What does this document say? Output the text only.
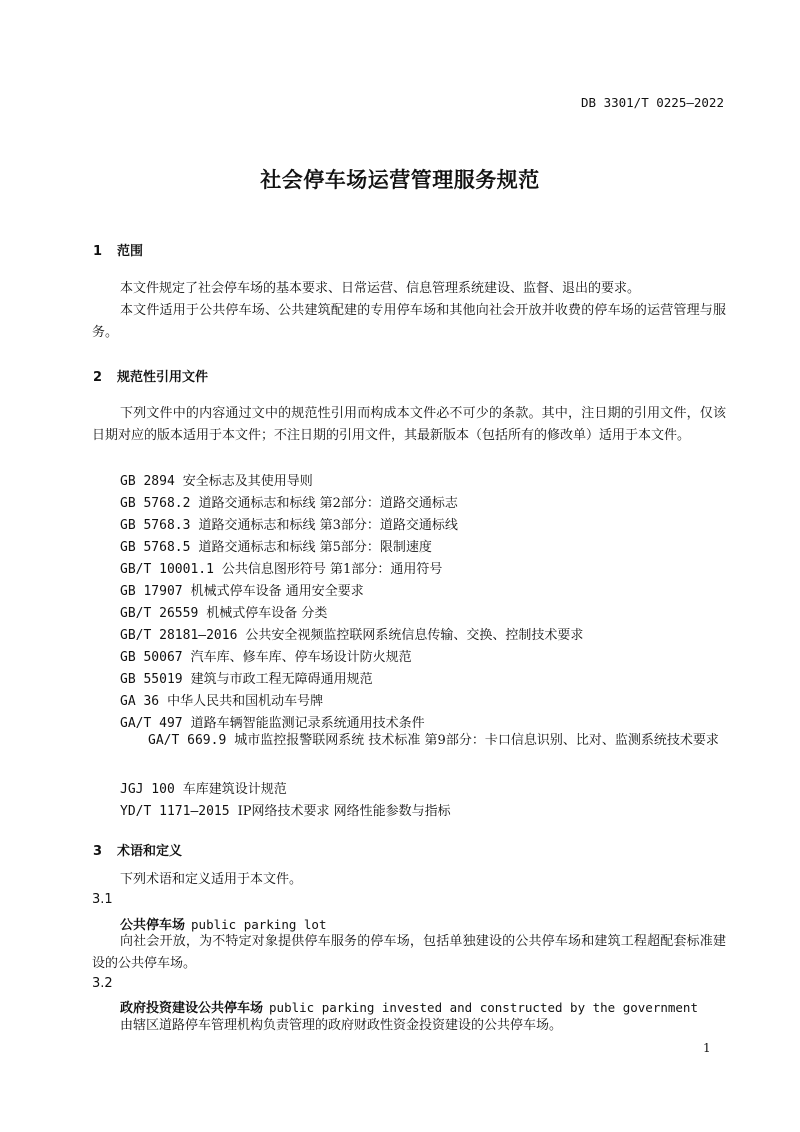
DB 3301/T 0225—2022
社会停车场运营管理服务规范
1 范围
本文件规定了社会停车场的基本要求、日常运营、信息管理系统建设、监督、退出的要求。
本文件适用于公共停车场、公共建筑配建的专用停车场和其他向社会开放并收费的停车场的运营管理与服务。
2 规范性引用文件
下列文件中的内容通过文中的规范性引用而构成本文件必不可少的条款。其中，注日期的引用文件，仅该日期对应的版本适用于本文件；不注日期的引用文件，其最新版本（包括所有的修改单）适用于本文件。
GB 2894 安全标志及其使用导则
GB 5768.2 道路交通标志和标线 第2部分：道路交通标志
GB 5768.3 道路交通标志和标线 第3部分：道路交通标线
GB 5768.5 道路交通标志和标线 第5部分：限制速度
GB/T 10001.1 公共信息图形符号 第1部分：通用符号
GB 17907 机械式停车设备 通用安全要求
GB/T 26559 机械式停车设备 分类
GB/T 28181—2016 公共安全视频监控联网系统信息传输、交换、控制技术要求
GB 50067 汽车库、修车库、停车场设计防火规范
GB 55019 建筑与市政工程无障碍通用规范
GA 36 中华人民共和国机动车号牌
GA/T 497 道路车辆智能监测记录系统通用技术条件
GA/T 669.9 城市监控报警联网系统 技术标准 第9部分：卡口信息识别、比对、监测系统技术要求
JGJ 100 车库建筑设计规范
YD/T 1171—2015 IP网络技术要求 网络性能参数与指标
3 术语和定义
下列术语和定义适用于本文件。
3.1
公共停车场 public parking lot
向社会开放，为不特定对象提供停车服务的停车场，包括单独建设的公共停车场和建筑工程超配套标准建设的公共停车场。
3.2
政府投资建设公共停车场 public parking invested and constructed by the government
由辖区道路停车管理机构负责管理的政府财政性资金投资建设的公共停车场。
1
